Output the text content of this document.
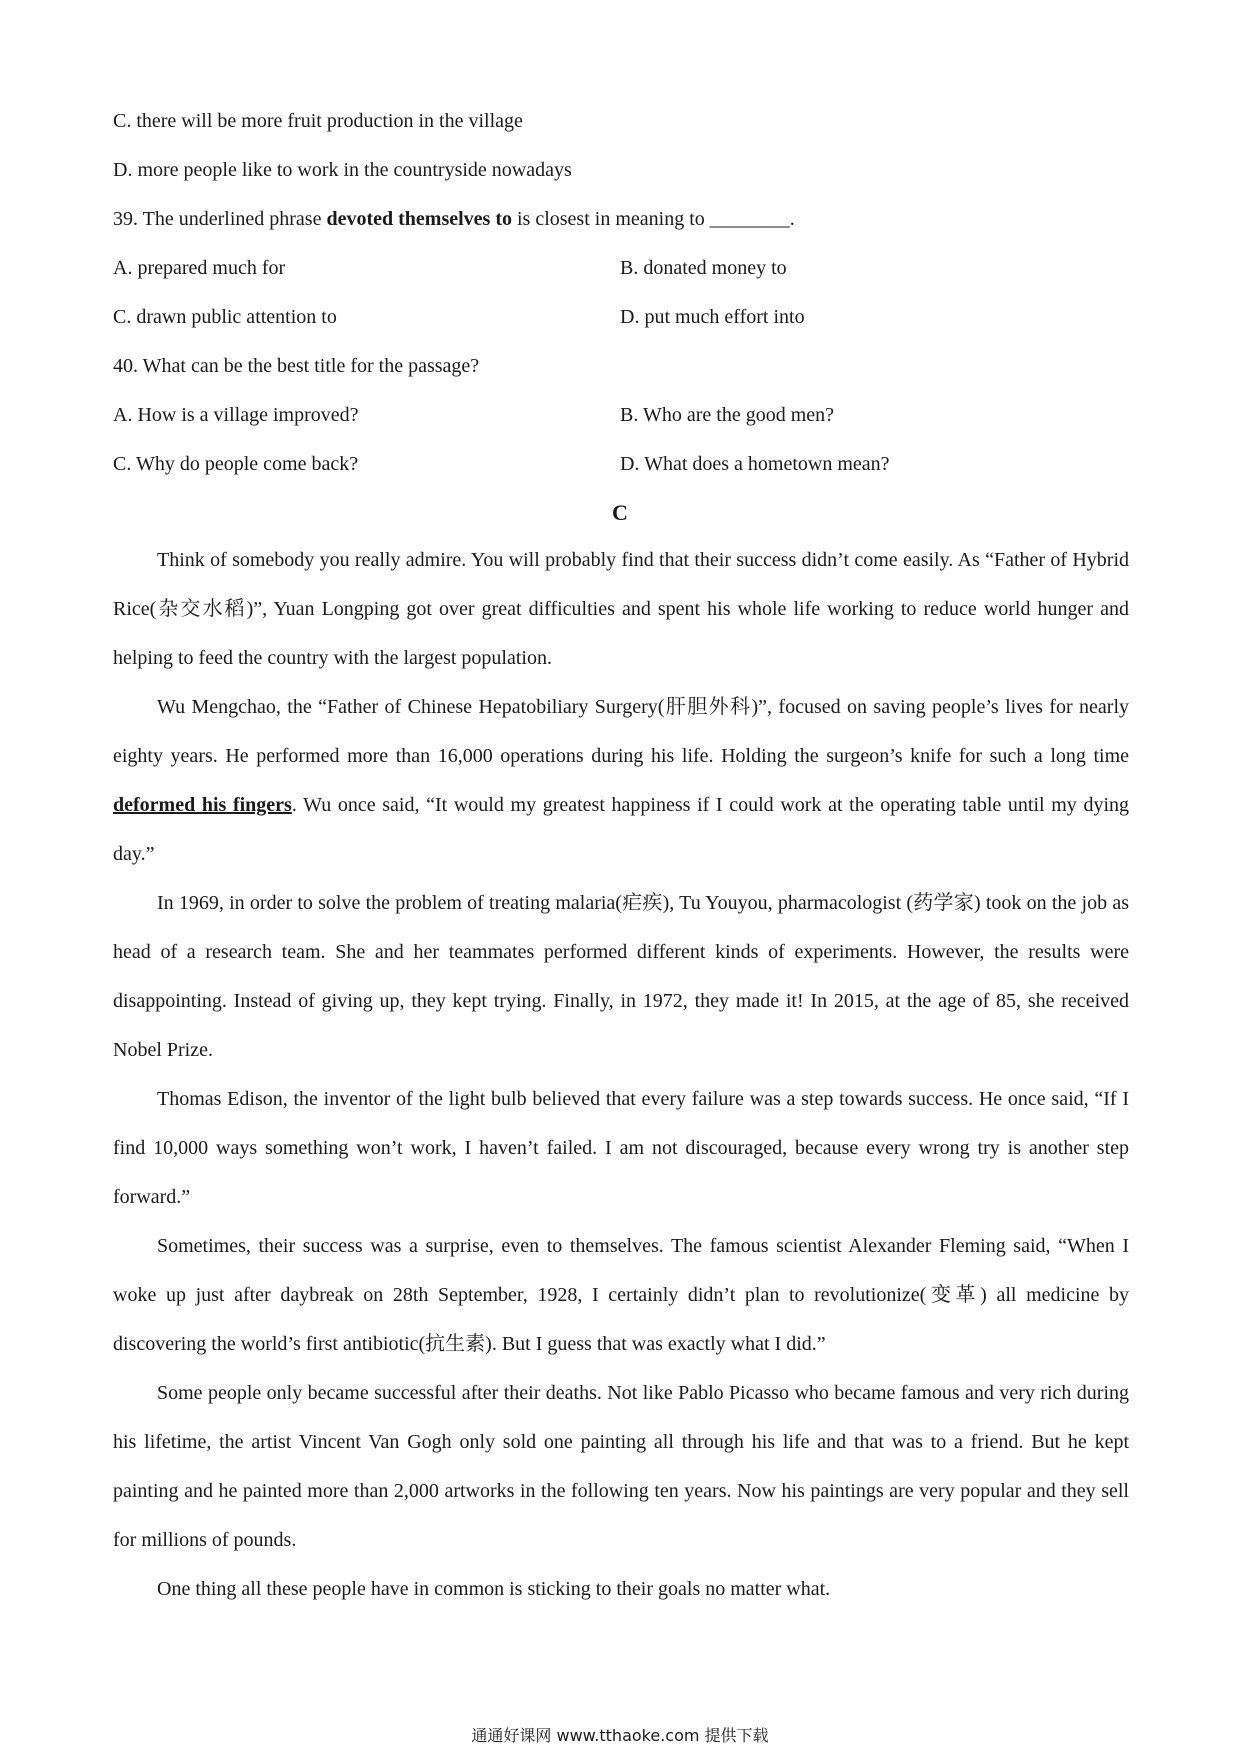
C. there will be more fruit production in the village
D. more people like to work in the countryside nowadays
39. The underlined phrase devoted themselves to is closest in meaning to ________.
A. prepared much for	B. donated money to
C. drawn public attention to	D. put much effort into
40. What can be the best title for the passage?
A. How is a village improved?	B. Who are the good men?
C. Why do people come back?	D. What does a hometown mean?
C
Think of somebody you really admire. You will probably find that their success didn’t come easily. As “Father of Hybrid Rice(杂交水稻)”, Yuan Longping got over great difficulties and spent his whole life working to reduce world hunger and helping to feed the country with the largest population.
Wu Mengchao, the “Father of Chinese Hepatobiliary Surgery(肝胆外科)”, focused on saving people’s lives for nearly eighty years. He performed more than 16,000 operations during his life. Holding the surgeon’s knife for such a long time deformed his fingers. Wu once said, “It would my greatest happiness if I could work at the operating table until my dying day.”
In 1969, in order to solve the problem of treating malaria(疟疾), Tu Youyou, pharmacologist (药学家) took on the job as head of a research team. She and her teammates performed different kinds of experiments. However, the results were disappointing. Instead of giving up, they kept trying. Finally, in 1972, they made it! In 2015, at the age of 85, she received Nobel Prize.
Thomas Edison, the inventor of the light bulb believed that every failure was a step towards success. He once said, “If I find 10,000 ways something won’t work, I haven’t failed. I am not discouraged, because every wrong try is another step forward.”
Sometimes, their success was a surprise, even to themselves. The famous scientist Alexander Fleming said, “When I woke up just after daybreak on 28th September, 1928, I certainly didn’t plan to revolutionize(变革) all medicine by discovering the world’s first antibiotic(抗生素). But I guess that was exactly what I did.”
Some people only became successful after their deaths. Not like Pablo Picasso who became famous and very rich during his lifetime, the artist Vincent Van Gogh only sold one painting all through his life and that was to a friend. But he kept painting and he painted more than 2,000 artworks in the following ten years. Now his paintings are very popular and they sell for millions of pounds.
One thing all these people have in common is sticking to their goals no matter what.
通通好课网 www.tthaoke.com 提供下载
